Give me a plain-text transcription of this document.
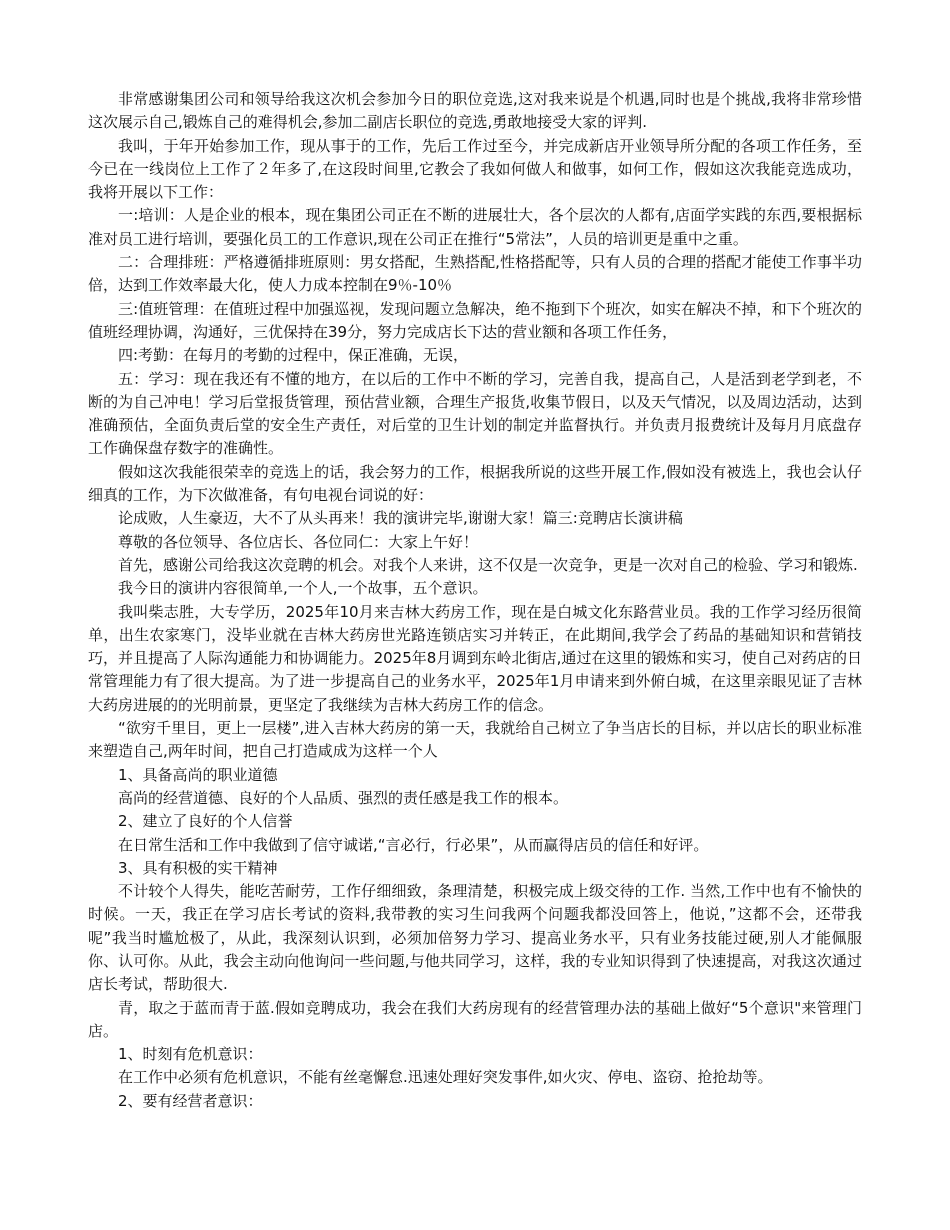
非常感谢集团公司和领导给我这次机会参加今日的职位竞选,这对我来说是个机遇,同时也是个挑战,我将非常珍惜这次展示自己,锻炼自己的难得机会,参加二副店长职位的竞选,勇敢地接受大家的评判.

我叫，于年开始参加工作，现从事于的工作，先后工作过至今，并完成新店开业领导所分配的各项工作任务，至今已在一线岗位上工作了２年多了,在这段时间里,它教会了我如何做人和做事，如何工作，假如这次我能竞选成功，我将开展以下工作：

一:培训：人是企业的根本，现在集团公司正在不断的进展壮大，各个层次的人都有,店面学实践的东西,要根据标准对员工进行培训，要强化员工的工作意识,现在公司正在推行“5常法”，人员的培训更是重中之重。

二：合理排班：严格遵循排班原则：男女搭配，生熟搭配,性格搭配等，只有人员的合理的搭配才能使工作事半功倍，达到工作效率最大化，使人力成本控制在9％-10％

三:值班管理：在值班过程中加强巡视，发现问题立急解决，绝不拖到下个班次，如实在解决不掉，和下个班次的值班经理协调，沟通好，三优保持在39分，努力完成店长下达的营业额和各项工作任务，

四:考勤：在每月的考勤的过程中，保正准确，无误，

五：学习：现在我还有不懂的地方，在以后的工作中不断的学习，完善自我，提高自己，人是活到老学到老，不断的为自己冲电！学习后堂报货管理，预估营业额，合理生产报货,收集节假日，以及天气情况，以及周边活动，达到准确预估，全面负责后堂的安全生产责任，对后堂的卫生计划的制定并监督执行。并负责月报费统计及每月月底盘存工作确保盘存数字的准确性。

假如这次我能很荣幸的竞选上的话，我会努力的工作，根据我所说的这些开展工作,假如没有被选上，我也会认仔细真的工作，为下次做准备，有句电视台词说的好：

论成败，人生豪迈，大不了从头再来！我的演讲完毕,谢谢大家！篇三:竞聘店长演讲稿

尊敬的各位领导、各位店长、各位同仁：大家上午好！

首先，感谢公司给我这次竞聘的机会。对我个人来讲，这不仅是一次竞争，更是一次对自己的检验、学习和锻炼.

我今日的演讲内容很简单,一个人,一个故事，五个意识。

我叫柴志胜，大专学历，2025年10月来吉林大药房工作，现在是白城文化东路营业员。我的工作学习经历很简单，出生农家寒门，没毕业就在吉林大药房世光路连锁店实习并转正，在此期间,我学会了药品的基础知识和营销技巧，并且提高了人际沟通能力和协调能力。2025年8月调到东岭北街店,通过在这里的锻炼和实习，使自己对药店的日常管理能力有了很大提高。为了进一步提高自己的业务水平，2025年1月申请来到外俯白城，在这里亲眼见证了吉林大药房进展的的光明前景，更坚定了我继续为吉林大药房工作的信念。

“欲穷千里目，更上一层楼”,进入吉林大药房的第一天，我就给自己树立了争当店长的目标，并以店长的职业标准来塑造自己,两年时间，把自己打造咸成为这样一个人

1、具备高尚的职业道德

高尚的经营道德、良好的个人品质、强烈的责任感是我工作的根本。

2、建立了良好的个人信誉

在日常生活和工作中我做到了信守诚诺,“言必行，行必果”，从而赢得店员的信任和好评。

3、具有积极的实干精神

不计较个人得失，能吃苦耐劳，工作仔细细致，条理清楚，积极完成上级交待的工作. 当然,工作中也有不愉快的时候。一天，我正在学习店长考试的资料,我带教的实习生问我两个问题我都没回答上，他说，”这都不会，还带我呢”我当时尴尬极了，从此，我深刻认识到，必须加倍努力学习、提高业务水平，只有业务技能过硬,别人才能佩服你、认可你。从此，我会主动向他询问一些问题,与他共同学习，这样，我的专业知识得到了快速提高，对我这次通过店长考试，帮助很大.

青，取之于蓝而青于蓝.假如竞聘成功，我会在我们大药房现有的经营管理办法的基础上做好“5个意识"来管理门店。

1、时刻有危机意识：

在工作中必须有危机意识，不能有丝毫懈怠.迅速处理好突发事件,如火灾、停电、盗窃、抢抢劫等。

2、要有经营者意识：
